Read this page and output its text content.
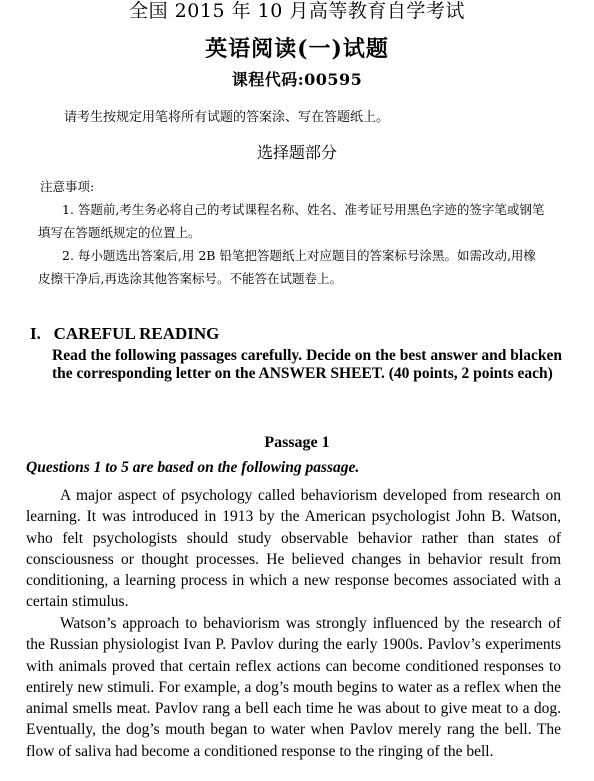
全国 2015 年 10 月高等教育自学考试
英语阅读(一)试题
课程代码:00595
请考生按规定用笔将所有试题的答案涂、写在答题纸上。
选择题部分
注意事项:
1. 答题前,考生务必将自己的考试课程名称、姓名、准考证号用黑色字迹的签字笔或钢笔
填写在答题纸规定的位置上。
2. 每小题选出答案后,用 2B 铅笔把答题纸上对应题目的答案标号涂黑。如需改动,用橡
皮擦干净后,再选涂其他答案标号。不能答在试题卷上。
I.   CAREFUL READING
Read the following passages carefully. Decide on the best answer and blacken the corresponding letter on the ANSWER SHEET. (40 points, 2 points each)
Passage 1
Questions 1 to 5 are based on the following passage.
A major aspect of psychology called behaviorism developed from research on learning. It was introduced in 1913 by the American psychologist John B. Watson, who felt psychologists should study observable behavior rather than states of consciousness or thought processes. He believed changes in behavior result from conditioning, a learning process in which a new response becomes associated with a certain stimulus.
Watson’s approach to behaviorism was strongly influenced by the research of the Russian physiologist Ivan P. Pavlov during the early 1900s. Pavlov’s experiments with animals proved that certain reflex actions can become conditioned responses to entirely new stimuli. For example, a dog’s mouth begins to water as a reflex when the animal smells meat. Pavlov rang a bell each time he was about to give meat to a dog. Eventually, the dog’s mouth began to water when Pavlov merely rang the bell. The flow of saliva had become a conditioned response to the ringing of the bell.
